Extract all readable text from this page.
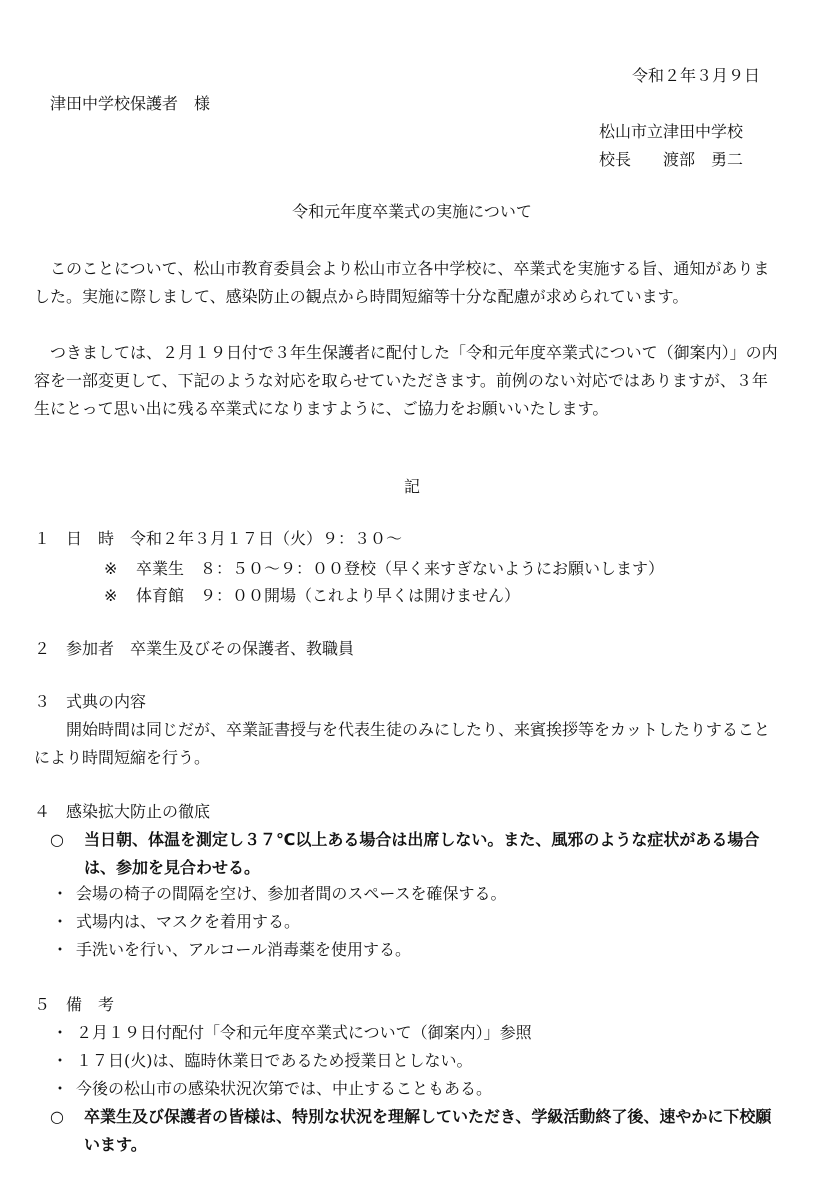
令和２年３月９日
津田中学校保護者　様
松山市立津田中学校
校長　　渡部　勇二
令和元年度卒業式の実施について
　このことについて、松山市教育委員会より松山市立各中学校に、卒業式を実施する旨、通知がありました。実施に際しまして、感染防止の観点から時間短縮等十分な配慮が求められています。
　つきましては、２月１９日付で３年生保護者に配付した「令和元年度卒業式について（御案内）」の内容を一部変更して、下記のような対応を取らせていただきます。前例のない対応ではありますが、３年生にとって思い出に残る卒業式になりますように、ご協力をお願いいたします。
記
１　日　時　令和２年３月１７日（火）９：３０～
※ 卒業生　８：５０～９：００登校（早く来すぎないようにお願いします）
※ 体育館　９：００開場（これより早くは開けません）
２　参加者　卒業生及びその保護者、教職員
３　式典の内容
開始時間は同じだが、卒業証書授与を代表生徒のみにしたり、来賓挨拶等をカットしたりすることにより時間短縮を行う。
４　感染拡大防止の徹底
○	当日朝、体温を測定し３７℃以上ある場合は出席しない。また、風邪のような症状がある場合は、参加を見合わせる。
・ 会場の椅子の間隔を空け、参加者間のスペースを確保する。
・ 式場内は、マスクを着用する。
・ 手洗いを行い、アルコール消毒薬を使用する。
５　備　考
・ ２月１９日付配付「令和元年度卒業式について（御案内）」参照
・ １７日(火)は、臨時休業日であるため授業日としない。
・ 今後の松山市の感染状況次第では、中止することもある。
○	卒業生及び保護者の皆様は、特別な状況を理解していただき、学級活動終了後、速やかに下校願います。
